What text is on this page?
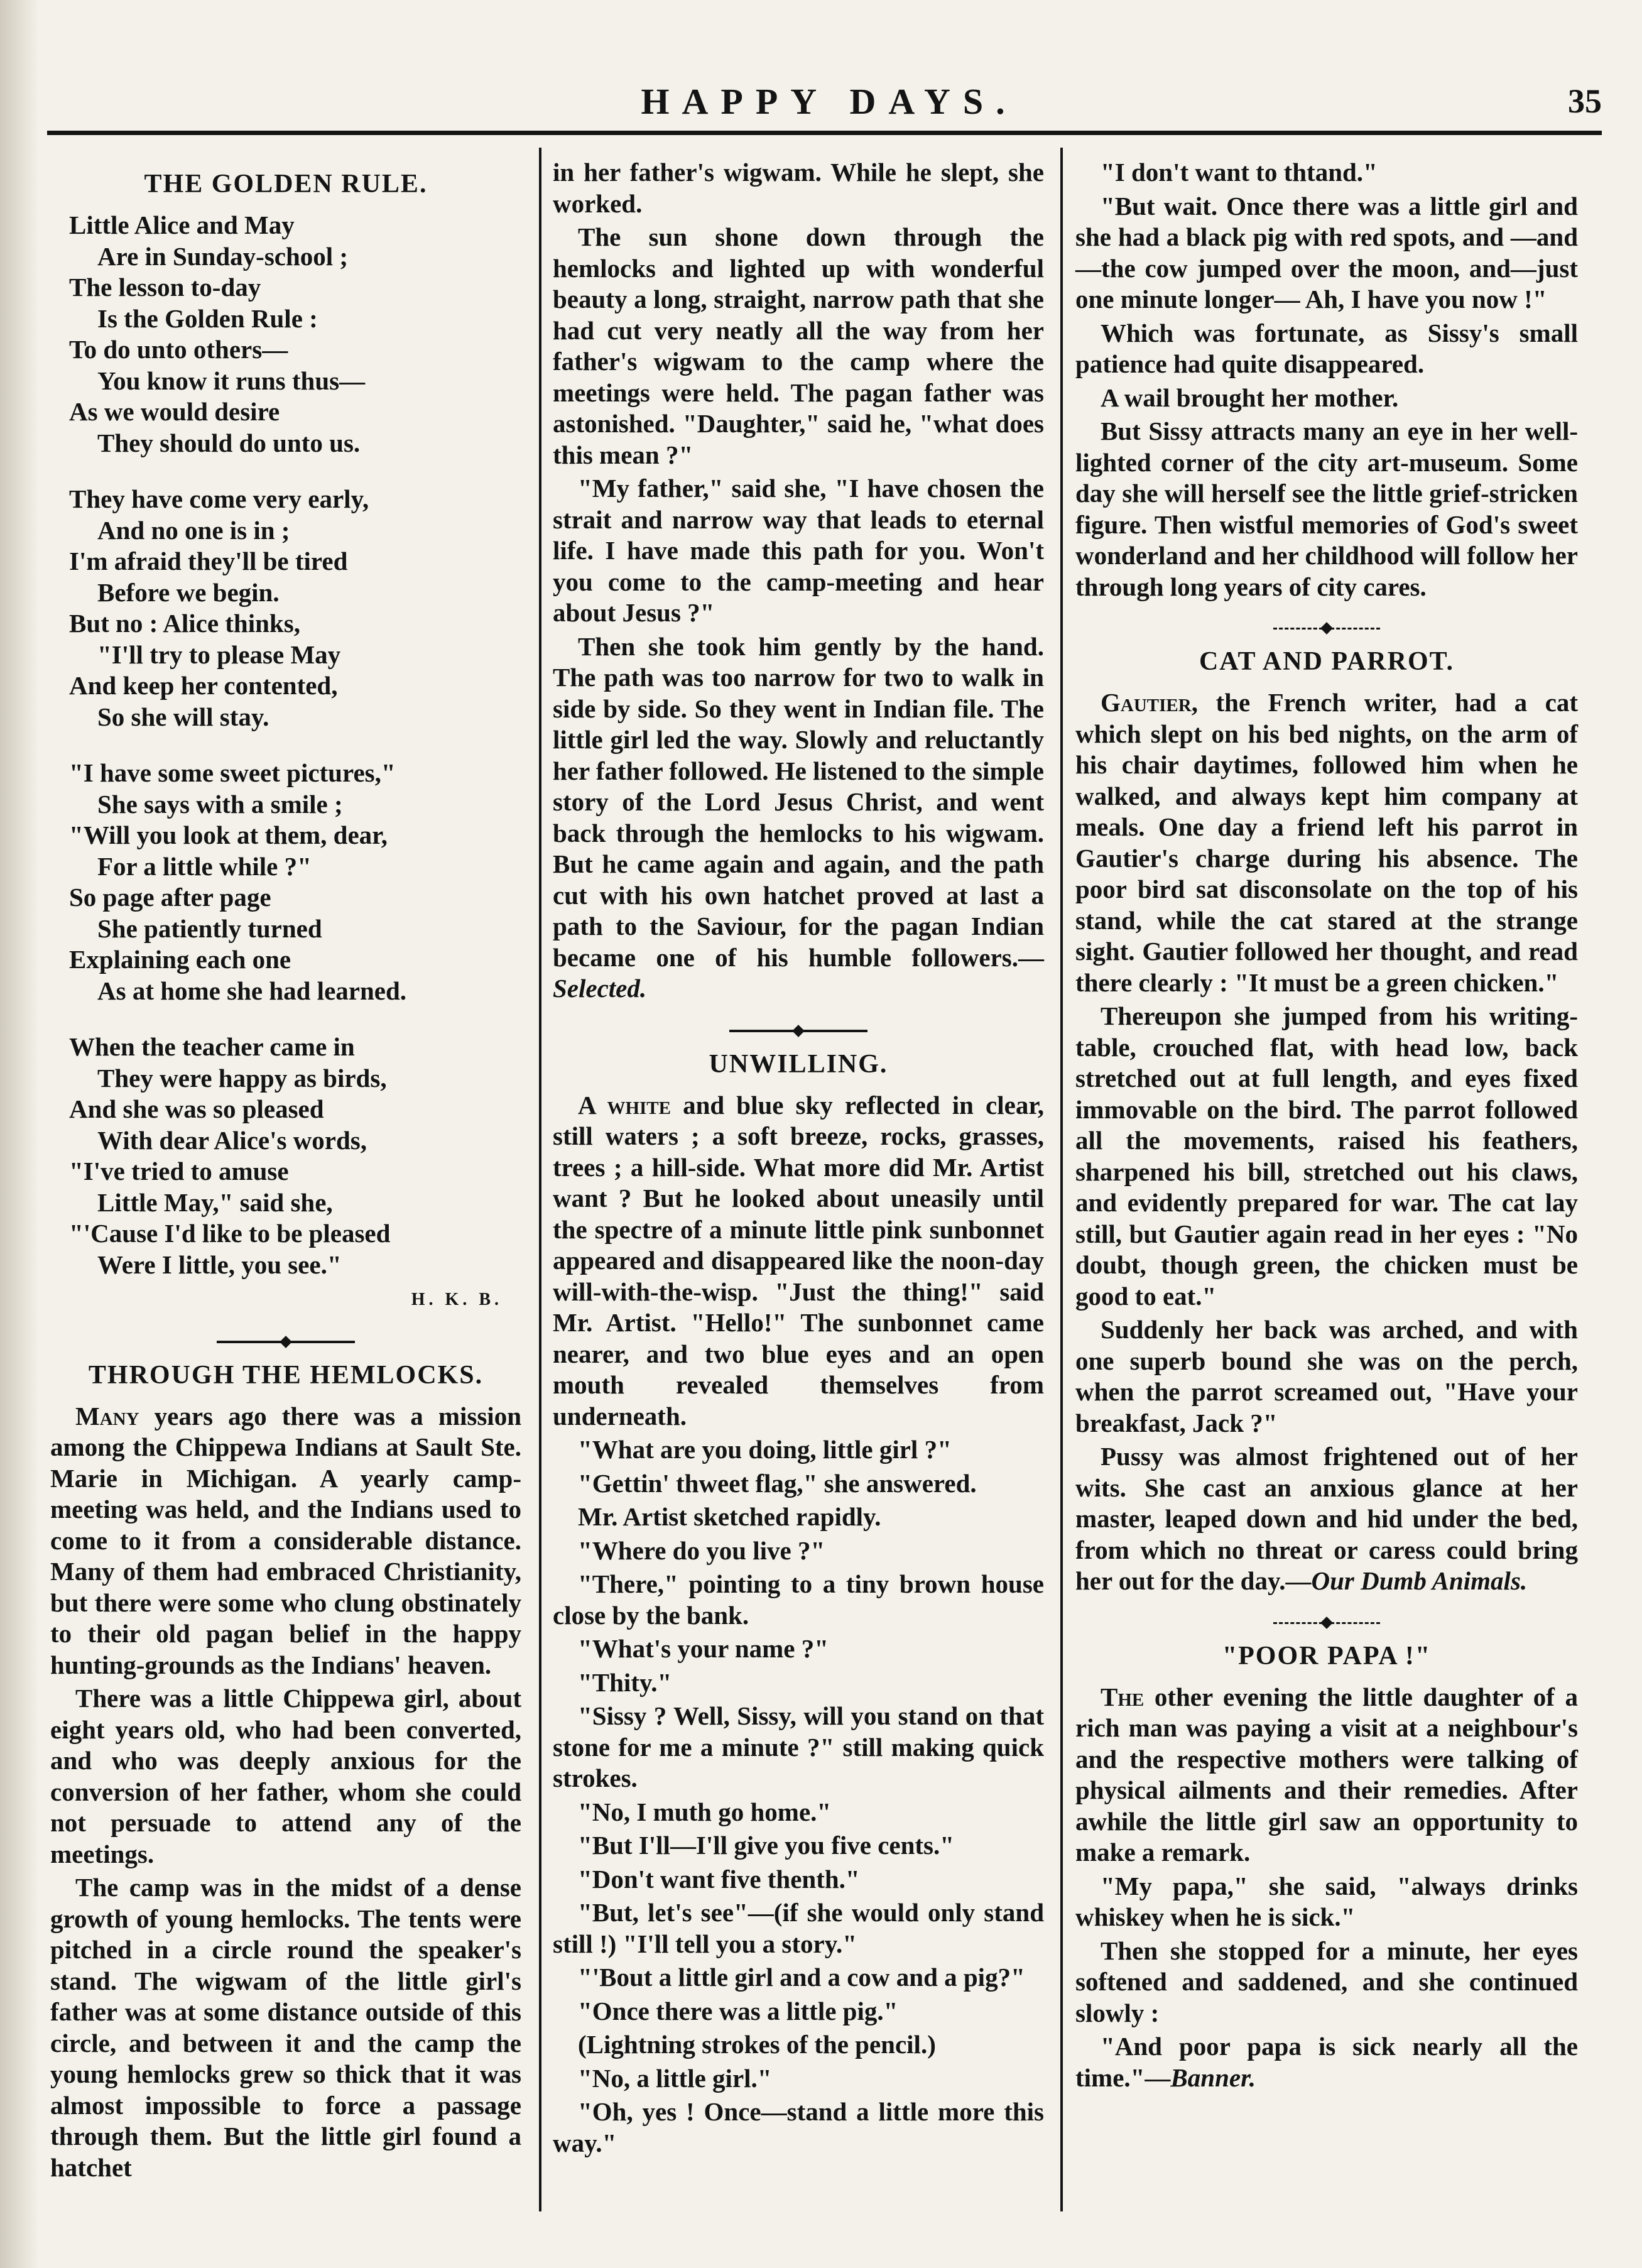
HAPPY DAYS.	35
THE GOLDEN RULE.
Little Alice and May
Are in Sunday-school ;
The lesson to-day
Is the Golden Rule :
To do unto others—
You know it runs thus—
As we would desire
They should do unto us.
They have come very early,
And no one is in ;
I'm afraid they'll be tired
Before we begin.
But no : Alice thinks,
"I'll try to please May
And keep her contented,
So she will stay.
"I have some sweet pictures,"
She says with a smile ;
"Will you look at them, dear,
For a little while ?"
So page after page
She patiently turned
Explaining each one
As at home she had learned.
When the teacher came in
They were happy as birds,
And she was so pleased
With dear Alice's words,
"I've tried to amuse
Little May," said she,
"'Cause I'd like to be pleased
Were I little, you see."
H. K. B.
THROUGH THE HEMLOCKS.

Many years ago there was a mission among the Chippewa Indians at Sault Ste. Marie in Michigan. A yearly camp-meeting was held, and the Indians used to come to it from a considerable distance. Many of them had embraced Christianity, but there were some who clung obstinately to their old pagan belief in the happy hunting-grounds as the Indians' heaven.

There was a little Chippewa girl, about eight years old, who had been converted, and who was deeply anxious for the conversion of her father, whom she could not persuade to attend any of the meetings.

The camp was in the midst of a dense growth of young hemlocks. The tents were pitched in a circle round the speaker's stand. The wigwam of the little girl's father was at some distance outside of this circle, and between it and the camp the young hemlocks grew so thick that it was almost impossible to force a passage through them. But the little girl found a hatchet

in her father's wigwam. While he slept, she worked.

The sun shone down through the hemlocks and lighted up with wonderful beauty a long, straight, narrow path that she had cut very neatly all the way from her father's wigwam to the camp where the meetings were held. The pagan father was astonished. "Daughter," said he, "what does this mean ?"

"My father," said she, "I have chosen the strait and narrow way that leads to eternal life. I have made this path for you. Won't you come to the camp-meeting and hear about Jesus ?"

Then she took him gently by the hand. The path was too narrow for two to walk in side by side. So they went in Indian file. The little girl led the way. Slowly and reluctantly her father followed. He listened to the simple story of the Lord Jesus Christ, and went back through the hemlocks to his wigwam. But he came again and again, and the path cut with his own hatchet proved at last a path to the Saviour, for the pagan Indian became one of his humble followers.—Selected.

UNWILLING.

A white and blue sky reflected in clear, still waters ; a soft breeze, rocks, grasses, trees ; a hill-side. What more did Mr. Artist want ? But he looked about uneasily until the spectre of a minute little pink sunbonnet appeared and disappeared like the noon-day will-with-the-wisp. "Just the thing!" said Mr. Artist. "Hello!" The sunbonnet came nearer, and two blue eyes and an open mouth revealed themselves from underneath.

"What are you doing, little girl ?"

"Gettin' thweet flag," she answered.

Mr. Artist sketched rapidly.

"Where do you live ?"

"There," pointing to a tiny brown house close by the bank.

"What's your name ?"

"Thity."

"Sissy ? Well, Sissy, will you stand on that stone for me a minute ?" still making quick strokes.

"No, I muth go home."

"But I'll—I'll give you five cents."

"Don't want five thenth."

"But, let's see"—(if she would only stand still !) "I'll tell you a story."

"'Bout a little girl and a cow and a pig?"

"Once there was a little pig."

(Lightning strokes of the pencil.)

"No, a little girl."

"Oh, yes ! Once—stand a little more this way."

"I don't want to thtand."

"But wait. Once there was a little girl and she had a black pig with red spots, and —and—the cow jumped over the moon, and—just one minute longer— Ah, I have you now !"

Which was fortunate, as Sissy's small patience had quite disappeared.

A wail brought her mother.

But Sissy attracts many an eye in her well-lighted corner of the city art-museum. Some day she will herself see the little grief-stricken figure. Then wistful memories of God's sweet wonderland and her childhood will follow her through long years of city cares.

CAT AND PARROT.

Gautier, the French writer, had a cat which slept on his bed nights, on the arm of his chair daytimes, followed him when he walked, and always kept him company at meals. One day a friend left his parrot in Gautier's charge during his absence. The poor bird sat disconsolate on the top of his stand, while the cat stared at the strange sight. Gautier followed her thought, and read there clearly : "It must be a green chicken."

Thereupon she jumped from his writing-table, crouched flat, with head low, back stretched out at full length, and eyes fixed immovable on the bird. The parrot followed all the movements, raised his feathers, sharpened his bill, stretched out his claws, and evidently prepared for war. The cat lay still, but Gautier again read in her eyes : "No doubt, though green, the chicken must be good to eat."

Suddenly her back was arched, and with one superb bound she was on the perch, when the parrot screamed out, "Have your breakfast, Jack ?"

Pussy was almost frightened out of her wits. She cast an anxious glance at her master, leaped down and hid under the bed, from which no threat or caress could bring her out for the day.—Our Dumb Animals.

"POOR PAPA !"

The other evening the little daughter of a rich man was paying a visit at a neighbour's and the respective mothers were talking of physical ailments and their remedies. After awhile the little girl saw an opportunity to make a remark.

"My papa," she said, "always drinks whiskey when he is sick."

Then she stopped for a minute, her eyes softened and saddened, and she continued slowly :

"And poor papa is sick nearly all the time."—Banner.
